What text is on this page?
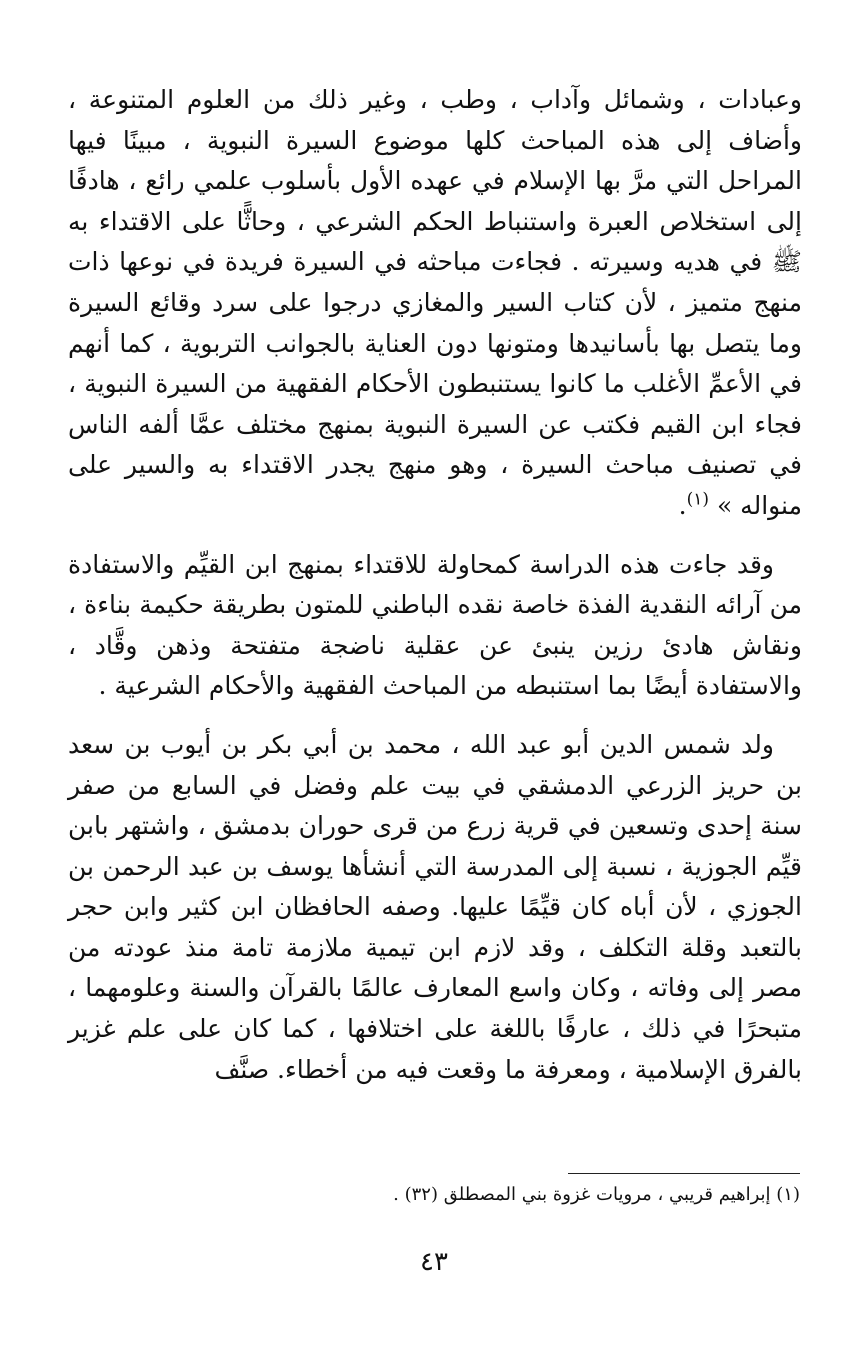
وعبادات ، وشمائل وآداب ، وطب ، وغير ذلك من العلوم المتنوعة ، وأضاف إلى هذه المباحث كلها موضوع السيرة النبوية ، مبينًا فيها المراحل التي مرَّ بها الإسلام في عهده الأول بأسلوب علمي رائع ، هادفًا إلى استخلاص العبرة واستنباط الحكم الشرعي ، وحاثًّا على الاقتداء به ﷺ في هديه وسيرته . فجاءت مباحثه في السيرة فريدة في نوعها ذات منهج متميز ، لأن كتاب السير والمغازي درجوا على سرد وقائع السيرة وما يتصل بها بأسانيدها ومتونها دون العناية بالجوانب التربوية ، كما أنهم في الأعمِّ الأغلب ما كانوا يستنبطون الأحكام الفقهية من السيرة النبوية ، فجاء ابن القيم فكتب عن السيرة النبوية بمنهج مختلف عمَّا ألفه الناس في تصنيف مباحث السيرة ، وهو منهج يجدر الاقتداء به والسير على منواله » $^{(١)}$.

وقد جاءت هذه الدراسة كمحاولة للاقتداء بمنهج ابن القيِّم والاستفادة من آرائه النقدية الفذة خاصة نقده الباطني للمتون بطريقة حكيمة بناءة ، ونقاش هادئ رزين ينبئ عن عقلية ناضجة متفتحة وذهن وقَّاد ، والاستفادة أيضًا بما استنبطه من المباحث الفقهية والأحكام الشرعية .

ولد شمس الدين أبو عبد الله ، محمد بن أبي بكر بن أيوب بن سعد بن حريز الزرعي الدمشقي في بيت علم وفضل في السابع من صفر سنة إحدى وتسعين في قرية زرع من قرى حوران بدمشق ، واشتهر بابن قيِّم الجوزية ، نسبة إلى المدرسة التي أنشأها يوسف بن عبد الرحمن بن الجوزي ، لأن أباه كان قيِّمًا عليها. وصفه الحافظان ابن كثير وابن حجر بالتعبد وقلة التكلف ، وقد لازم ابن تيمية ملازمة تامة منذ عودته من مصر إلى وفاته ، وكان واسع المعارف عالمًا بالقرآن والسنة وعلومهما ، متبحرًا في ذلك ، عارفًا باللغة على اختلافها ، كما كان على علم غزير بالفرق الإسلامية ، ومعرفة ما وقعت فيه من أخطاء. صنَّف

(١) إبراهيم قريبي ، مرويات غزوة بني المصطلق (٣٢) .

٤٣
